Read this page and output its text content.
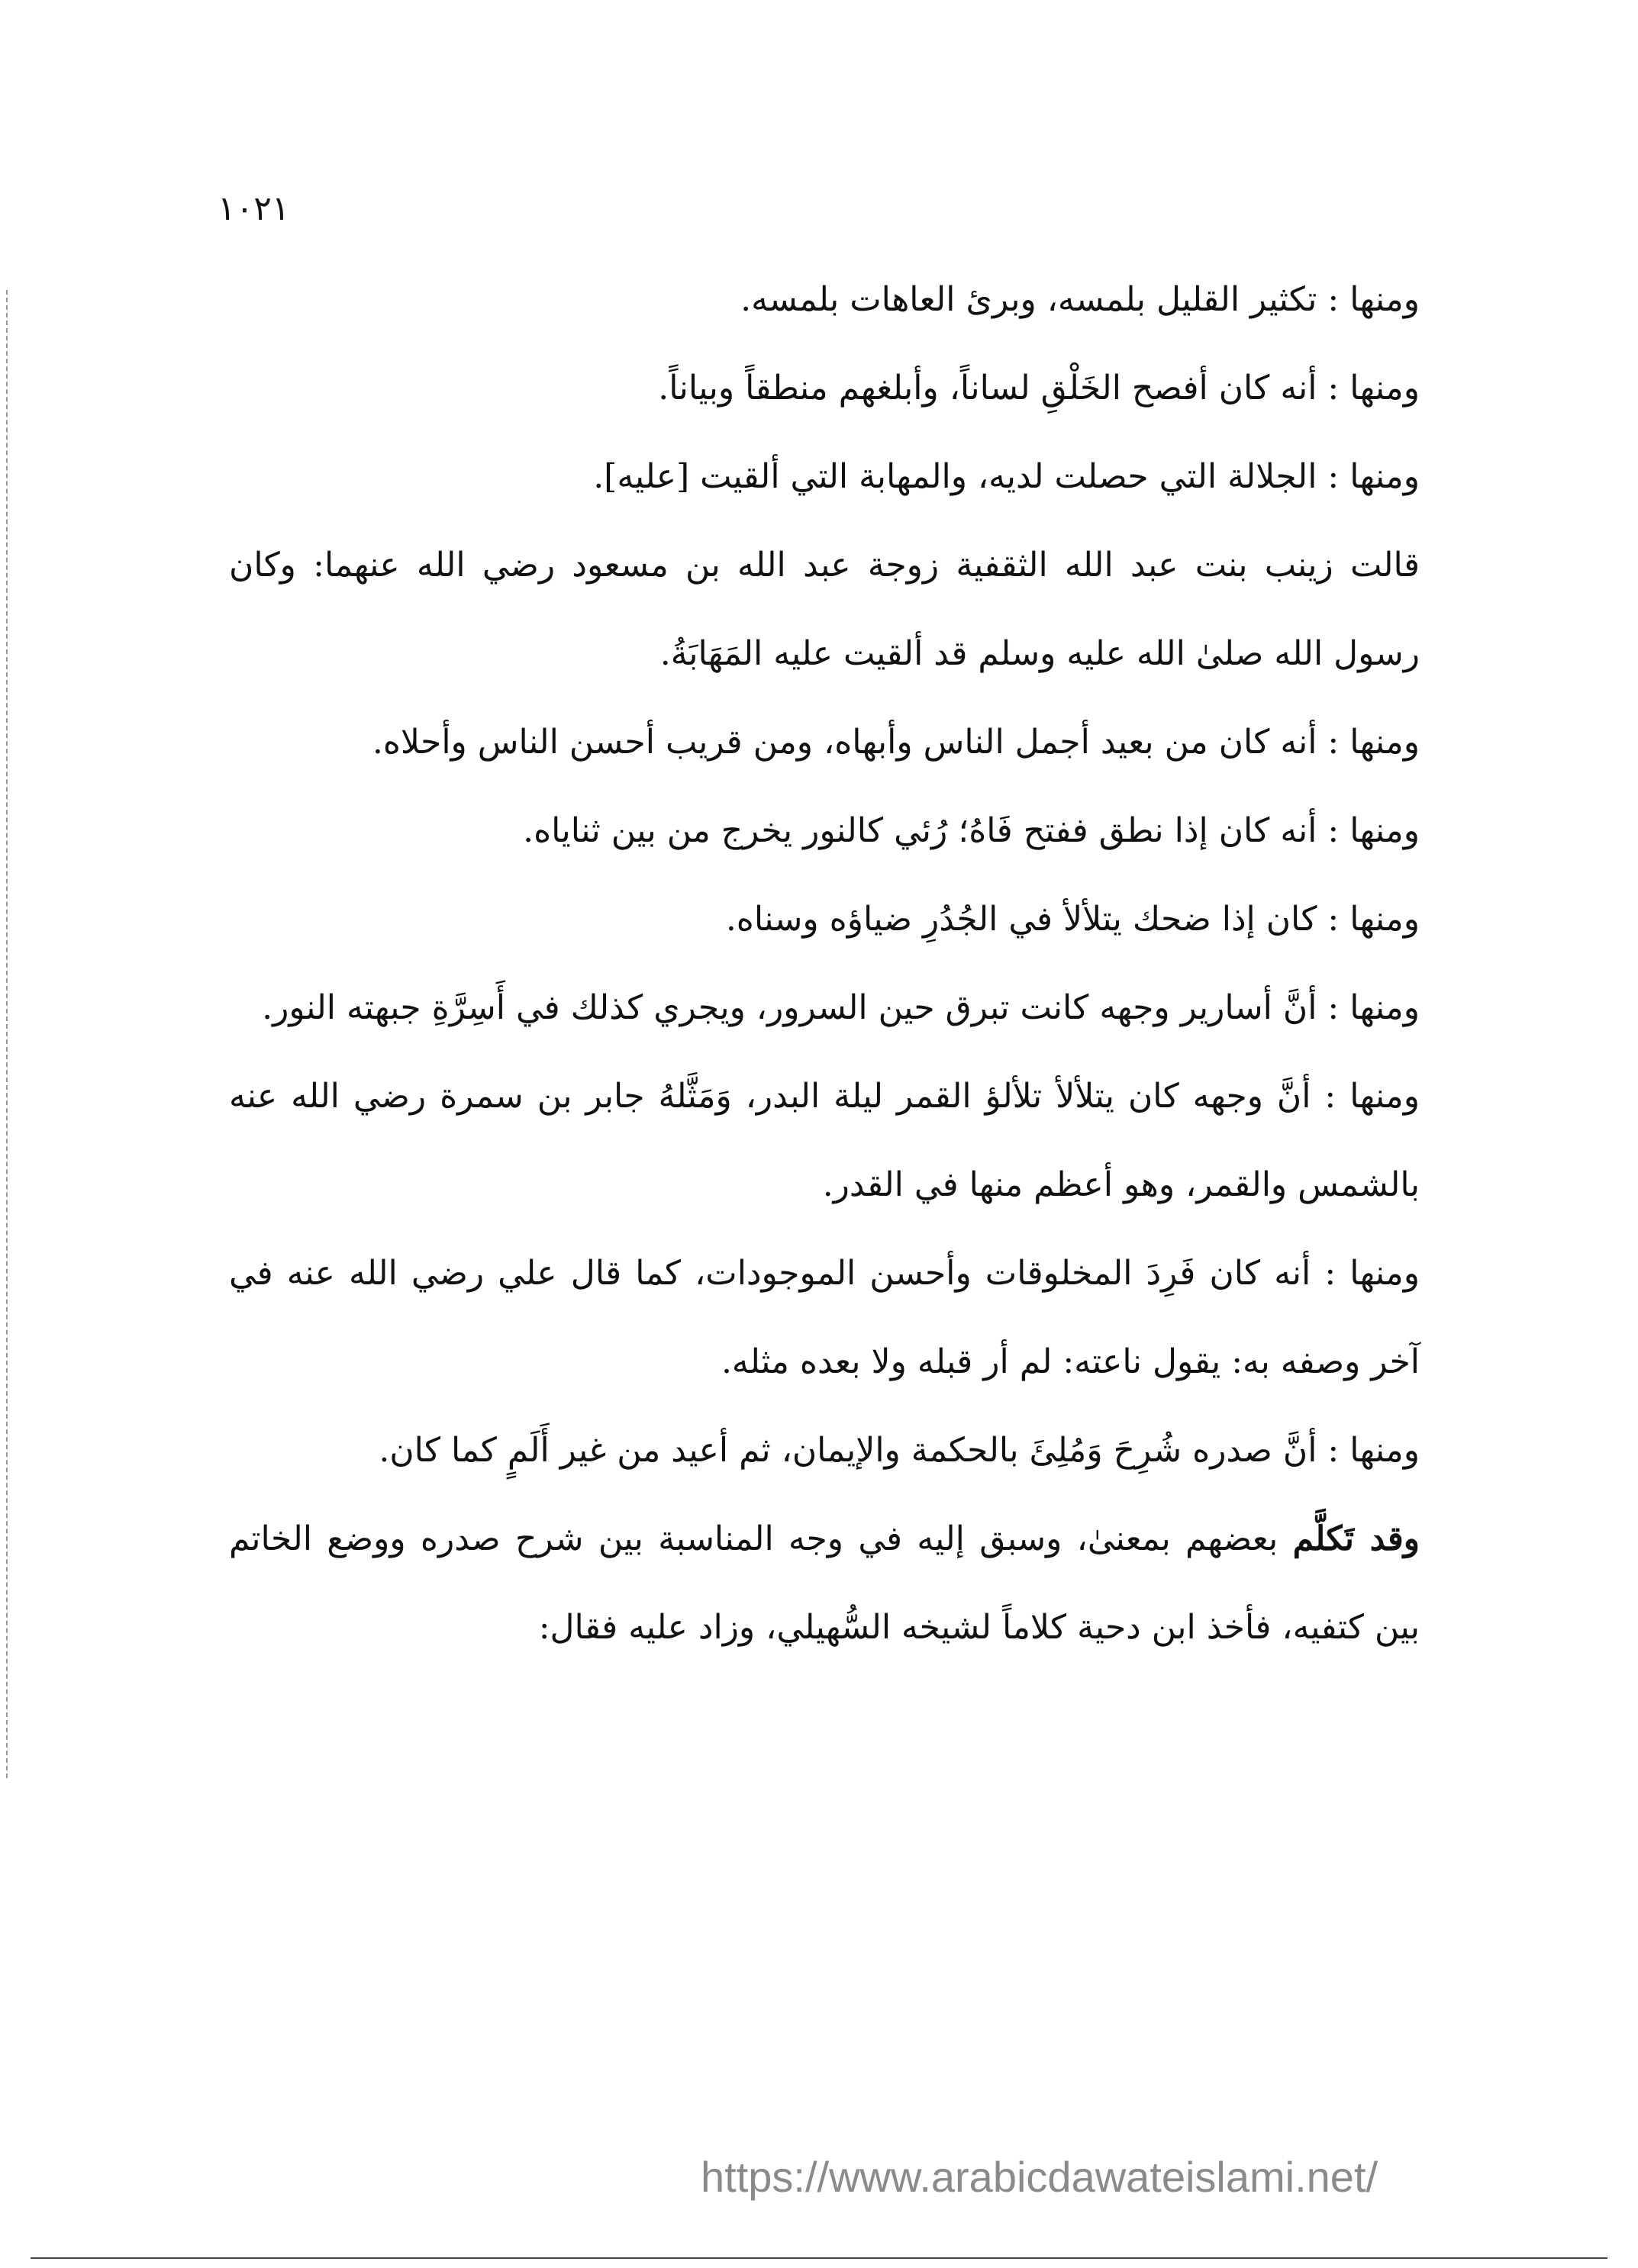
١٠٢١

ومنها : تكثير القليل بلمسه، وبرئ العاهات بلمسه.

ومنها : أنه كان أفصح الخَلْقِ لساناً، وأبلغهم منطقاً وبياناً.

ومنها : الجلالة التي حصلت لديه، والمهابة التي ألقيت [عليه].

قالت زينب بنت عبد الله الثقفية زوجة عبد الله بن مسعود رضي الله عنهما: وكان رسول الله صلىٰ الله عليه وسلم قد ألقيت عليه المَهَابَةُ.

ومنها : أنه كان من بعيد أجمل الناس وأبهاه، ومن قريب أحسن الناس وأحلاه.

ومنها : أنه كان إذا نطق ففتح فَاهُ؛ رُئي كالنور يخرج من بين ثناياه.

ومنها : كان إذا ضحك يتلألأ في الجُدُرِ ضياؤه وسناه.

ومنها : أنَّ أسارير وجهه كانت تبرق حين السرور، ويجري كذلك في أَسِرَّةِ جبهته النور.

ومنها : أنَّ وجهه كان يتلألأ تلألؤ القمر ليلة البدر، وَمَثَّلهُ جابر بن سمرة رضي الله عنه بالشمس والقمر، وهو أعظم منها في القدر.

ومنها : أنه كان فَرِدَ المخلوقات وأحسن الموجودات، كما قال علي رضي الله عنه في آخر وصفه به: يقول ناعته: لم أر قبله ولا بعده مثله.

ومنها : أنَّ صدره شُرِحَ وَمُلِئَ بالحكمة والإيمان، ثم أعيد من غير أَلَمٍ كما كان.

وقد تَكلَّم بعضهم بمعنىٰ، وسبق إليه في وجه المناسبة بين شرح صدره ووضع الخاتم بين كتفيه، فأخذ ابن دحية كلاماً لشيخه السُّهيلي، وزاد عليه فقال:

https://www.arabicdawateislami.net/
